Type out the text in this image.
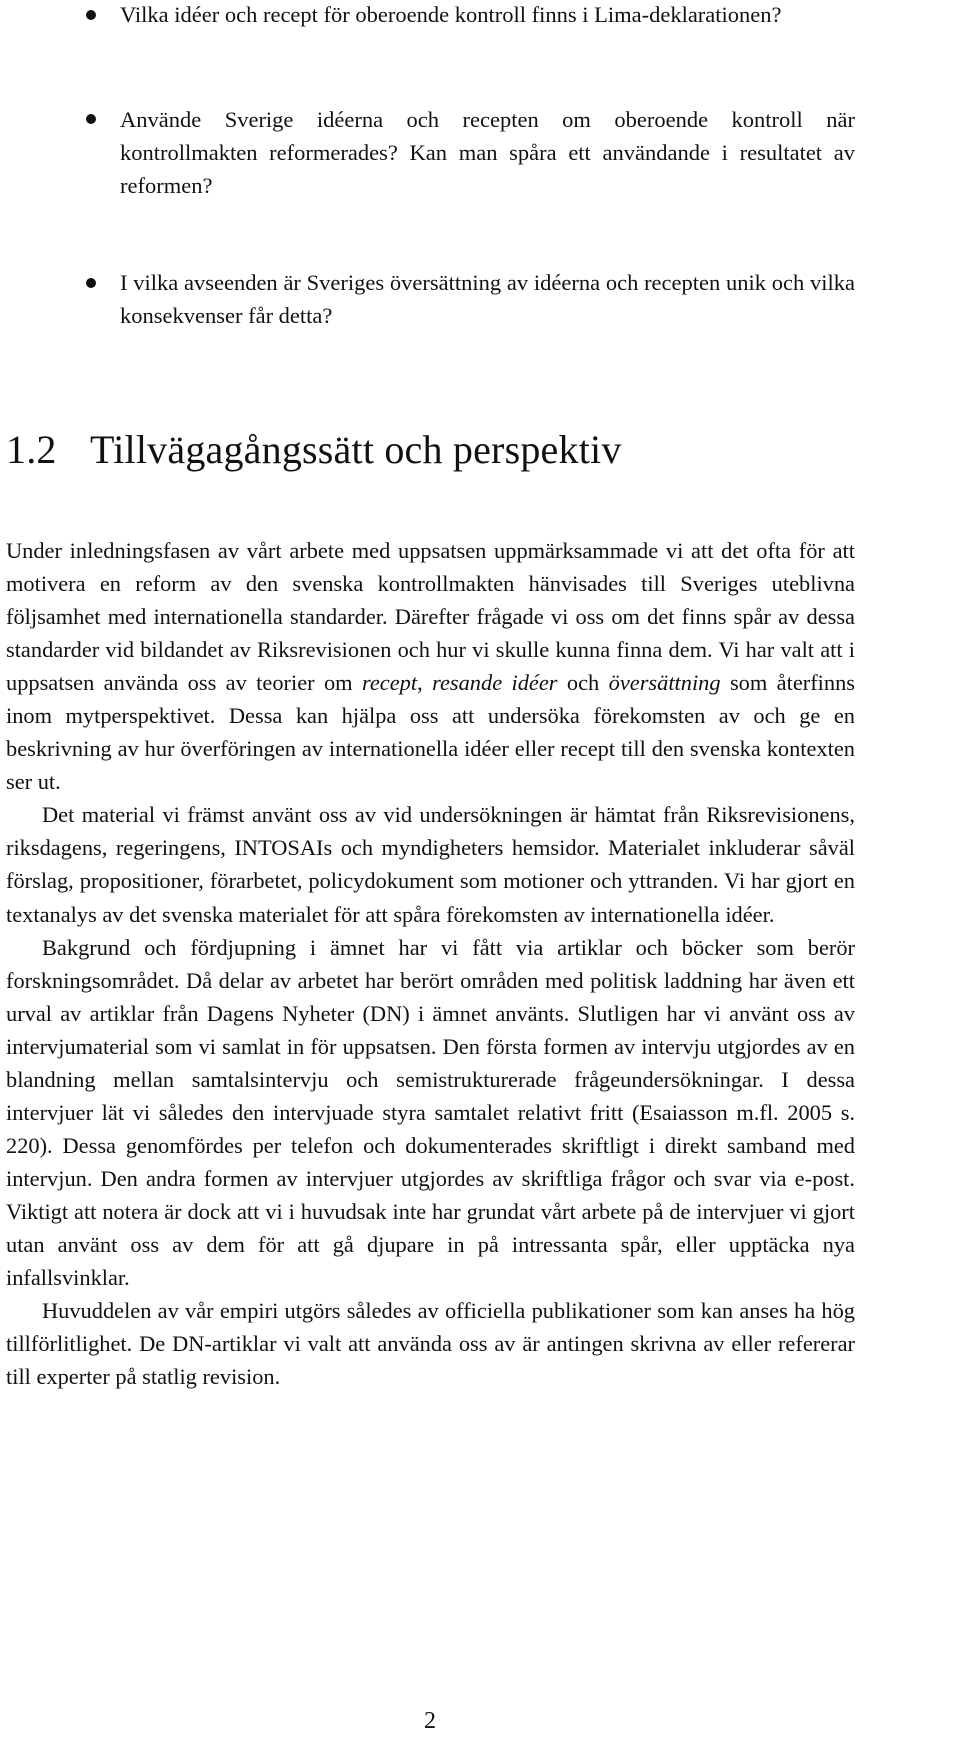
Vilka idéer och recept för oberoende kontroll finns i Lima-deklarationen?
Använde Sverige idéerna och recepten om oberoende kontroll när kontrollmakten reformerades? Kan man spåra ett användande i resultatet av reformen?
I vilka avseenden är Sveriges översättning av idéerna och recepten unik och vilka konsekvenser får detta?
1.2 Tillvägagångssätt och perspektiv

Under inledningsfasen av vårt arbete med uppsatsen uppmärksammade vi att det ofta för att motivera en reform av den svenska kontrollmakten hänvisades till Sveriges uteblivna följsamhet med internationella standarder. Därefter frågade vi oss om det finns spår av dessa standarder vid bildandet av Riksrevisionen och hur vi skulle kunna finna dem. Vi har valt att i uppsatsen använda oss av teorier om recept, resande idéer och översättning som återfinns inom mytperspektivet. Dessa kan hjälpa oss att undersöka förekomsten av och ge en beskrivning av hur överföringen av internationella idéer eller recept till den svenska kontexten ser ut.

Det material vi främst använt oss av vid undersökningen är hämtat från Riksrevisionens, riksdagens, regeringens, INTOSAIs och myndigheters hemsidor. Materialet inkluderar såväl förslag, propositioner, förarbetet, policydokument som motioner och yttranden. Vi har gjort en textanalys av det svenska materialet för att spåra förekomsten av internationella idéer.

Bakgrund och fördjupning i ämnet har vi fått via artiklar och böcker som berör forskningsområdet. Då delar av arbetet har berört områden med politisk laddning har även ett urval av artiklar från Dagens Nyheter (DN) i ämnet använts. Slutligen har vi använt oss av intervjumaterial som vi samlat in för uppsatsen. Den första formen av intervju utgjordes av en blandning mellan samtalsintervju och semistrukturerade frågeundersökningar. I dessa intervjuer lät vi således den intervjuade styra samtalet relativt fritt (Esaiasson m.fl. 2005 s. 220). Dessa genomfördes per telefon och dokumenterades skriftligt i direkt samband med intervjun. Den andra formen av intervjuer utgjordes av skriftliga frågor och svar via e-post. Viktigt att notera är dock att vi i huvudsak inte har grundat vårt arbete på de intervjuer vi gjort utan använt oss av dem för att gå djupare in på intressanta spår, eller upptäcka nya infallsvinklar.

Huvuddelen av vår empiri utgörs således av officiella publikationer som kan anses ha hög tillförlitlighet. De DN-artiklar vi valt att använda oss av är antingen skrivna av eller refererar till experter på statlig revision.

2
